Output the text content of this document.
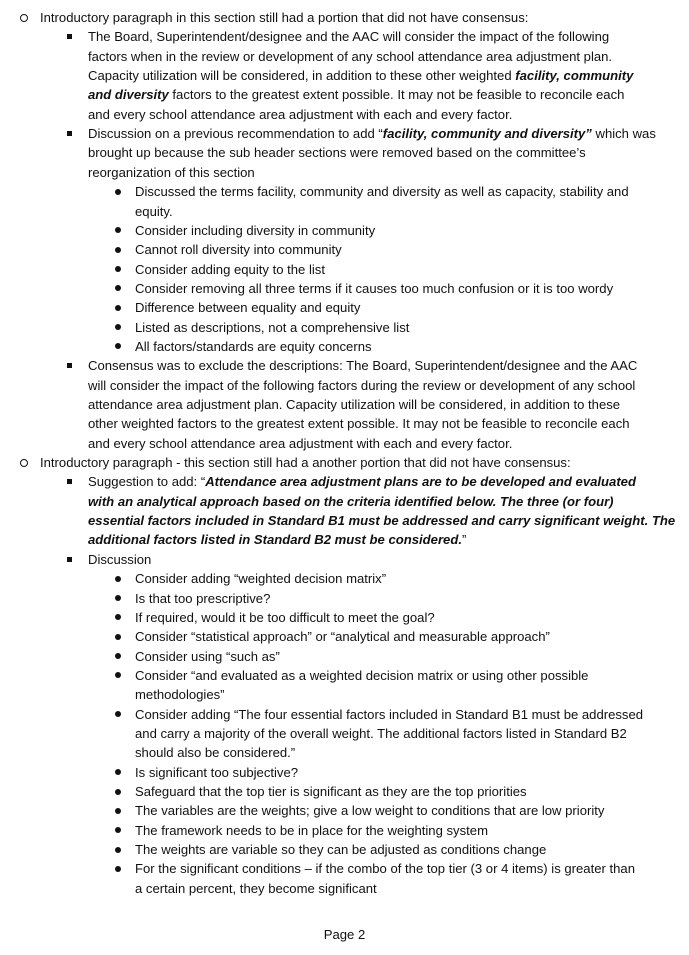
Introductory paragraph in this section still had a portion that did not have consensus:
The Board, Superintendent/designee and the AAC will consider the impact of the following
factors when in the review or development of any school attendance area adjustment plan.
Capacity utilization will be considered, in addition to these other weighted facility, community
and diversity factors to the greatest extent possible. It may not be feasible to reconcile each
and every school attendance area adjustment with each and every factor.
Discussion on a previous recommendation to add “facility, community and diversity” which was
brought up because the sub header sections were removed based on the committee’s
reorganization of this section
Discussed the terms facility, community and diversity as well as capacity, stability and
equity.
Consider including diversity in community
Cannot roll diversity into community
Consider adding equity to the list
Consider removing all three terms if it causes too much confusion or it is too wordy
Difference between equality and equity
Listed as descriptions, not a comprehensive list
All factors/standards are equity concerns
Consensus was to exclude the descriptions: The Board, Superintendent/designee and the AAC
will consider the impact of the following factors during the review or development of any school
attendance area adjustment plan. Capacity utilization will be considered, in addition to these
other weighted factors to the greatest extent possible. It may not be feasible to reconcile each
and every school attendance area adjustment with each and every factor.
Introductory paragraph - this section still had a another portion that did not have consensus:
Suggestion to add: “Attendance area adjustment plans are to be developed and evaluated
with an analytical approach based on the criteria identified below. The three (or four)
essential factors included in Standard B1 must be addressed and carry significant weight. The
additional factors listed in Standard B2 must be considered.”
Discussion
Consider adding “weighted decision matrix”
Is that too prescriptive?
If required, would it be too difficult to meet the goal?
Consider “statistical approach” or “analytical and measurable approach”
Consider using “such as”
Consider “and evaluated as a weighted decision matrix or using other possible
methodologies”
Consider adding “The four essential factors included in Standard B1 must be addressed
and carry a majority of the overall weight. The additional factors listed in Standard B2
should also be considered.”
Is significant too subjective?
Safeguard that the top tier is significant as they are the top priorities
The variables are the weights; give a low weight to conditions that are low priority
The framework needs to be in place for the weighting system
The weights are variable so they can be adjusted as conditions change
For the significant conditions – if the combo of the top tier (3 or 4 items) is greater than
a certain percent, they become significant
Page 2
